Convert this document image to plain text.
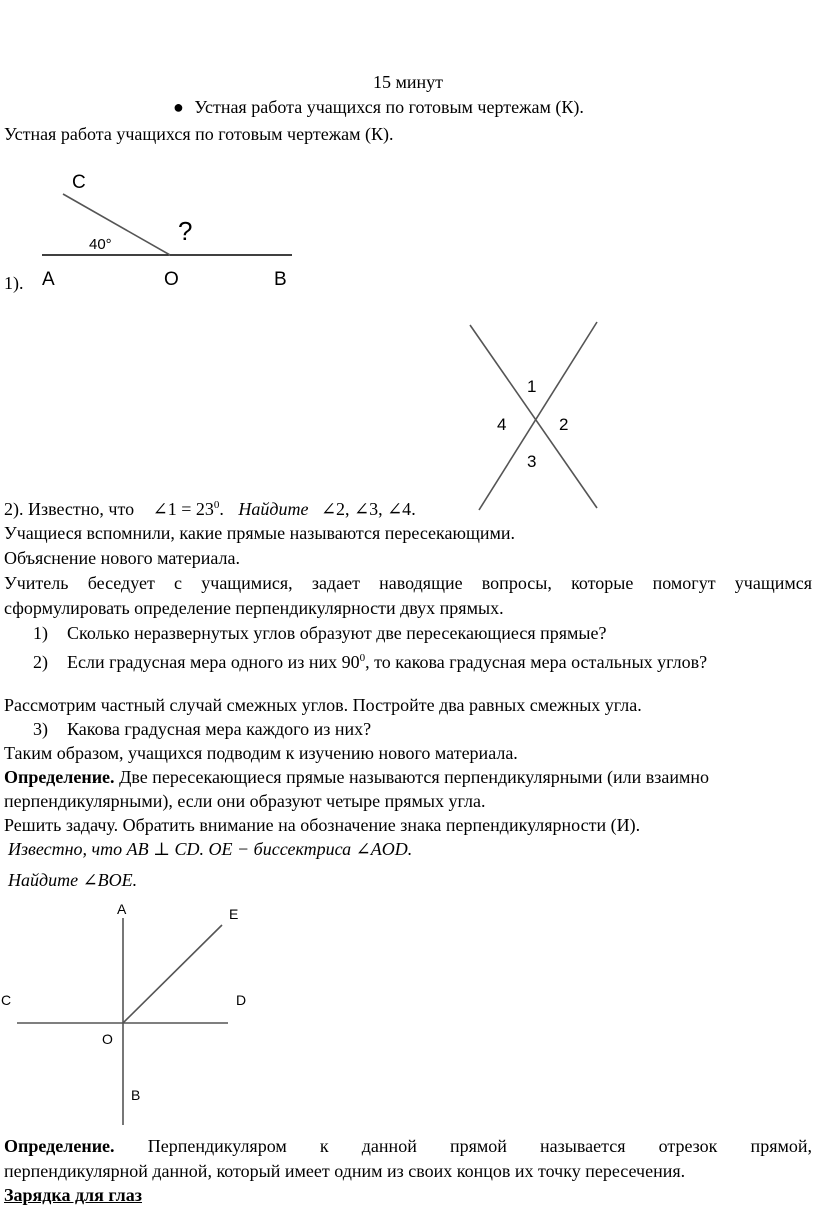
15 минут
● Устная работа учащихся по готовым чертежам (К).
Устная работа учащихся по готовым чертежам (К).
C
40°	?
A	O	B
1).
1
4	2
3
2). Известно, что ∠1 = $23^0$. Найдите ∠2, ∠3, ∠4.
Учащиеся вспомнили, какие прямые называются пересекающими.
Объяснение нового материала.
Учитель беседует с учащимися, задает наводящие вопросы, которые помогут учащимся
сформулировать определение перпендикулярности двух прямых.
1) Сколько неразвернутых углов образуют две пересекающиеся прямые?
2) Если градусная мера одного из них $90^0$, то какова градусная мера остальных углов?
Рассмотрим частный случай смежных углов. Постройте два равных смежных угла.
3) Какова градусная мера каждого из них?
Таким образом, учащихся подводим к изучению нового материала.
Определение. Две пересекающиеся прямые называются перпендикулярными (или взаимно
перпендикулярными), если они образуют четыре прямых угла.
Решить задачу. Обратить внимание на обозначение знака перпендикулярности (И).
Известно, что AB ⊥ CD. OE − биссектриса ∠AOD.
Найдите ∠BOE.
A	E
C	D
O
B
Определение. Перпендикуляром к данной прямой называется отрезок прямой,
перпендикулярной данной, который имеет одним из своих концов их точку пересечения.
Зарядка для глаз
